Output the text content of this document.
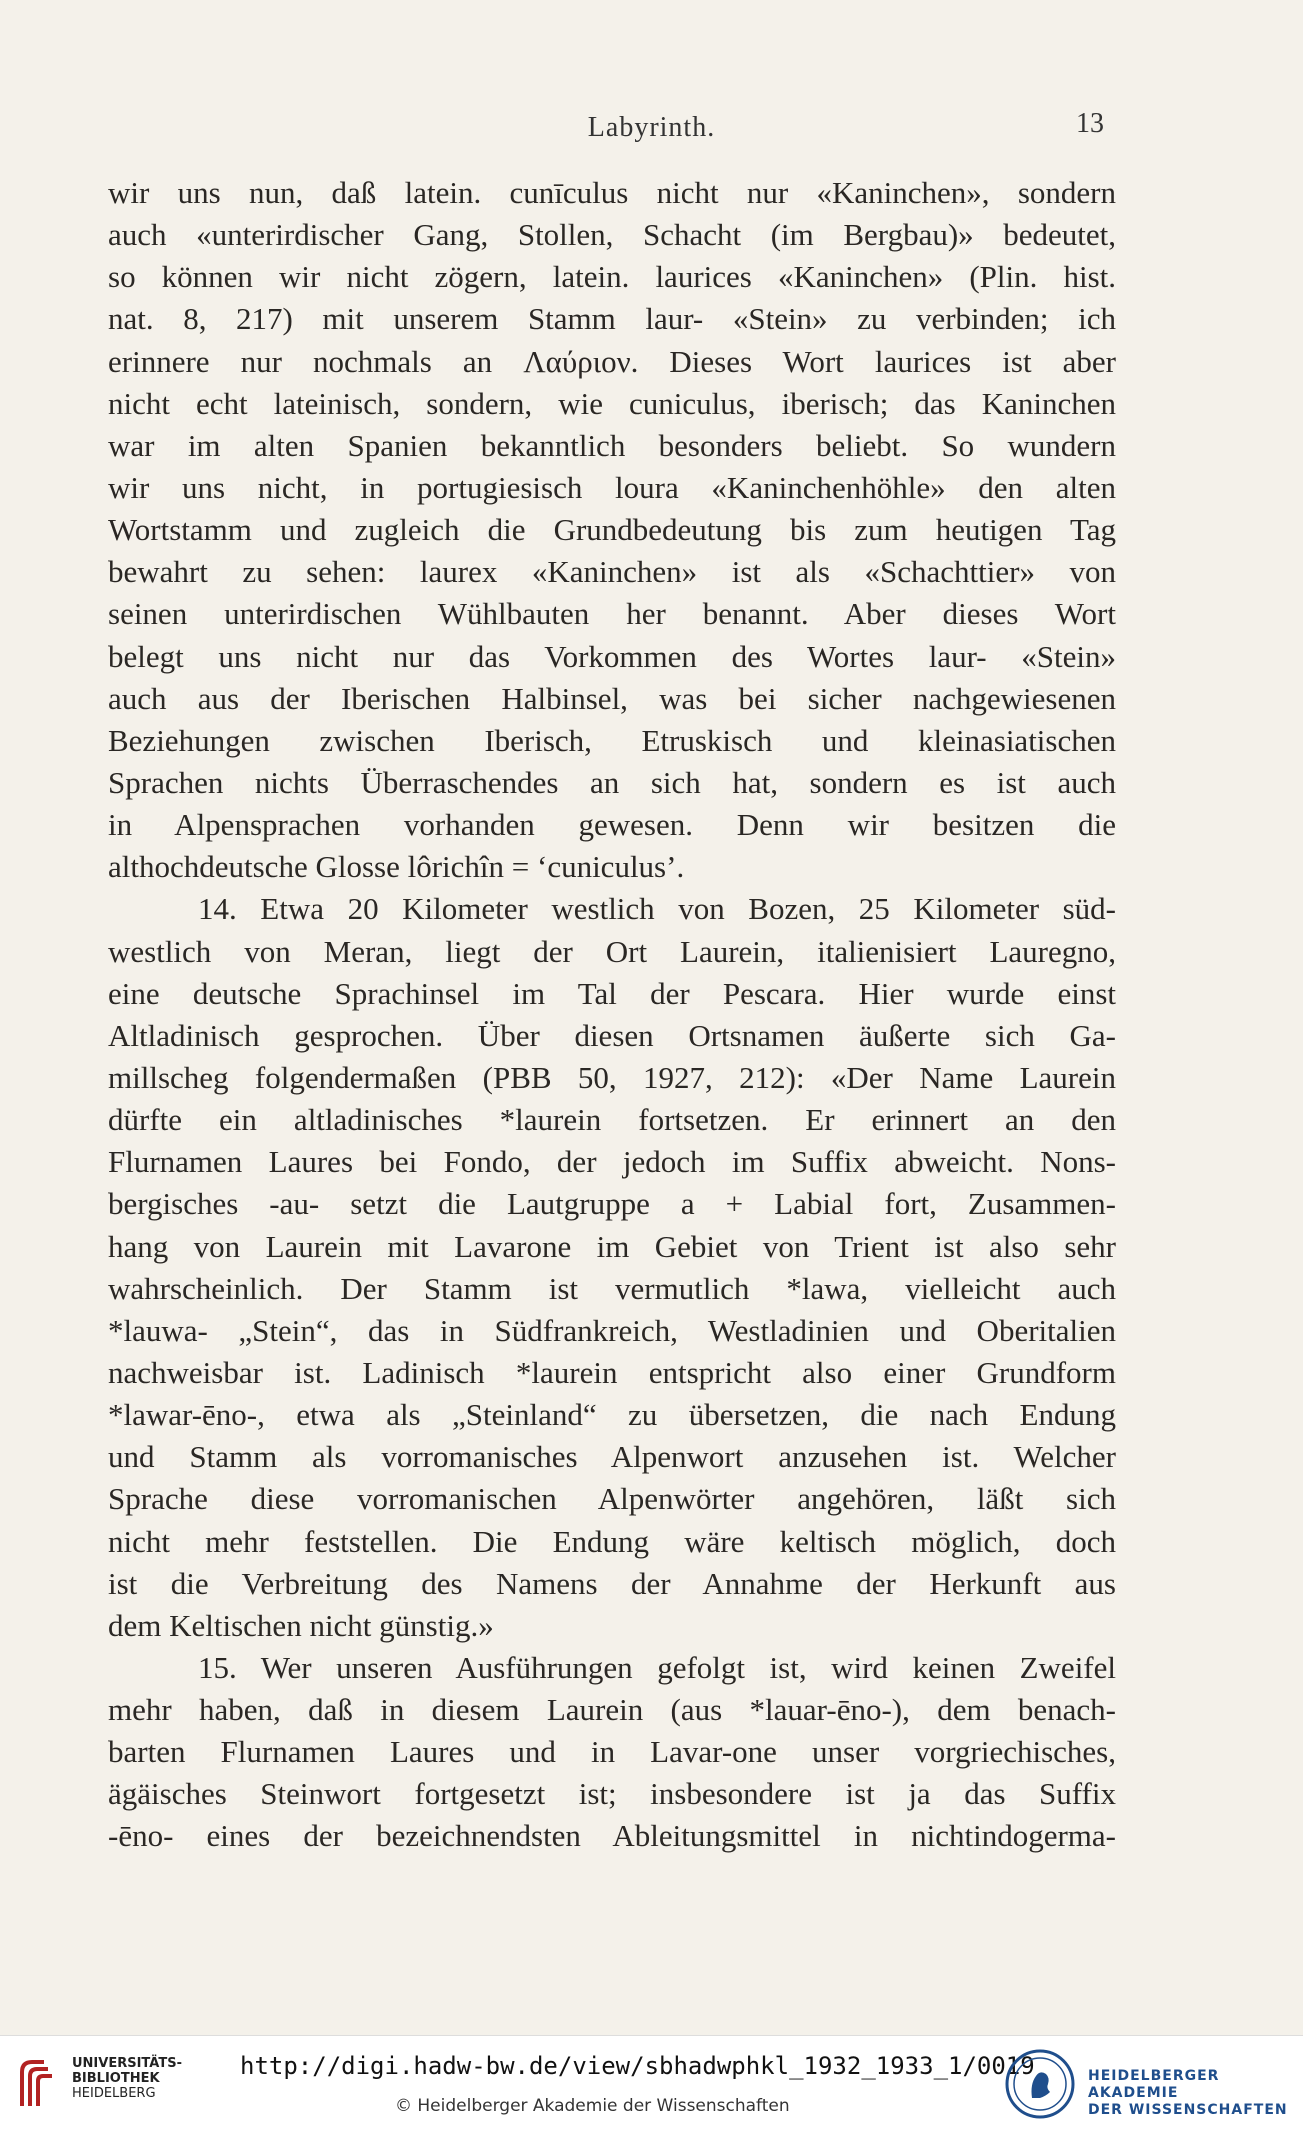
Labyrinth.	13
wir uns nun, daß latein. cunīculus nicht nur «Kaninchen», sondern
auch «unterirdischer Gang, Stollen, Schacht (im Bergbau)» bedeutet,
so können wir nicht zögern, latein. laurices «Kaninchen» (Plin. hist.
nat. 8, 217) mit unserem Stamm laur- «Stein» zu verbinden; ich
erinnere nur nochmals an Λαύριον. Dieses Wort laurices ist aber
nicht echt lateinisch, sondern, wie cuniculus, iberisch; das Kaninchen
war im alten Spanien bekanntlich besonders beliebt. So wundern
wir uns nicht, in portugiesisch loura «Kaninchenhöhle» den alten
Wortstamm und zugleich die Grundbedeutung bis zum heutigen Tag
bewahrt zu sehen: laurex «Kaninchen» ist als «Schachttier» von
seinen unterirdischen Wühlbauten her benannt. Aber dieses Wort
belegt uns nicht nur das Vorkommen des Wortes laur- «Stein»
auch aus der Iberischen Halbinsel, was bei sicher nachgewiesenen
Beziehungen zwischen Iberisch, Etruskisch und kleinasiatischen
Sprachen nichts Überraschendes an sich hat, sondern es ist auch
in Alpensprachen vorhanden gewesen. Denn wir besitzen die
althochdeutsche Glosse lôrichîn = ‘cuniculus’.
14. Etwa 20 Kilometer westlich von Bozen, 25 Kilometer süd-
westlich von Meran, liegt der Ort Laurein, italienisiert Lauregno,
eine deutsche Sprachinsel im Tal der Pescara. Hier wurde einst
Altladinisch gesprochen. Über diesen Ortsnamen äußerte sich Ga-
millscheg folgendermaßen (PBB 50, 1927, 212): «Der Name Laurein
dürfte ein altladinisches *laurein fortsetzen. Er erinnert an den
Flurnamen Laures bei Fondo, der jedoch im Suffix abweicht. Nons-
bergisches -au- setzt die Lautgruppe a + Labial fort, Zusammen-
hang von Laurein mit Lavarone im Gebiet von Trient ist also sehr
wahrscheinlich. Der Stamm ist vermutlich *lawa, vielleicht auch
*lauwa- „Stein“, das in Südfrankreich, Westladinien und Oberitalien
nachweisbar ist. Ladinisch *laurein entspricht also einer Grundform
*lawar-ēno-, etwa als „Steinland“ zu übersetzen, die nach Endung
und Stamm als vorromanisches Alpenwort anzusehen ist. Welcher
Sprache diese vorromanischen Alpenwörter angehören, läßt sich
nicht mehr feststellen. Die Endung wäre keltisch möglich, doch
ist die Verbreitung des Namens der Annahme der Herkunft aus
dem Keltischen nicht günstig.»
15. Wer unseren Ausführungen gefolgt ist, wird keinen Zweifel
mehr haben, daß in diesem Laurein (aus *lauar-ēno-), dem benach-
barten Flurnamen Laures und in Lavar-one unser vorgriechisches,
ägäisches Steinwort fortgesetzt ist; insbesondere ist ja das Suffix
-ēno- eines der bezeichnendsten Ableitungsmittel in nichtindogerma-
UNIVERSITÄTS-
BIBLIOTHEK
HEIDELBERG
http://digi.hadw-bw.de/view/sbhadwphkl_1932_1933_1/0019
© Heidelberger Akademie der Wissenschaften
HEIDELBERGER AKADEMIE
DER WISSENSCHAFTEN
